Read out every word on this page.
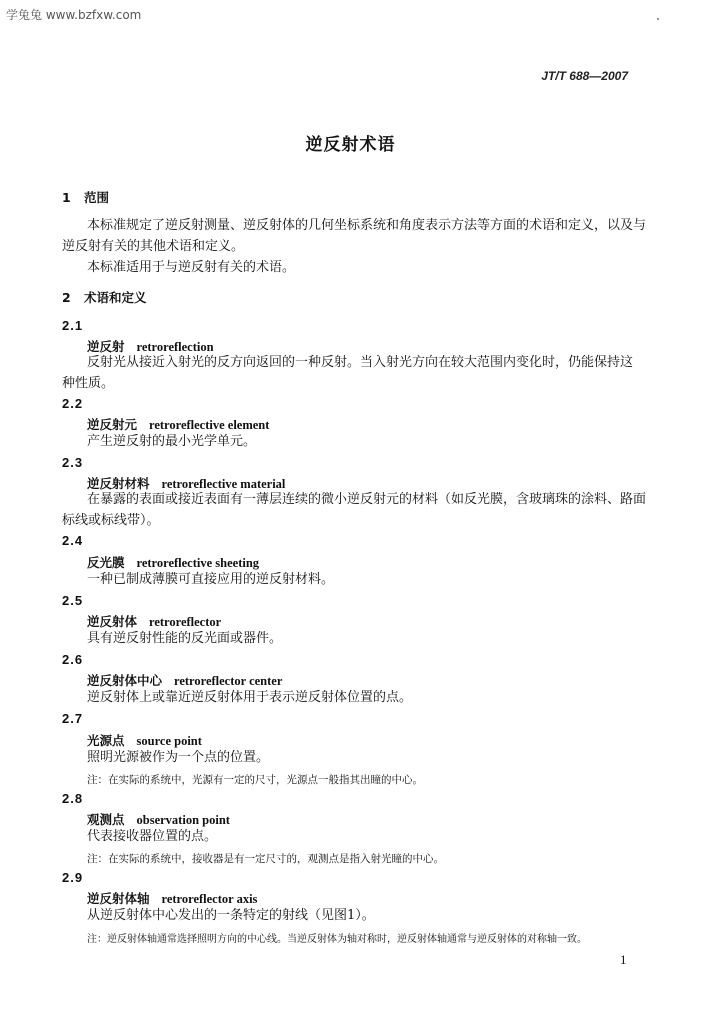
学兔兔 www.bzfxw.com
JT/T 688—2007
逆反射术语
1 范围
本标准规定了逆反射测量、逆反射体的几何坐标系统和角度表示方法等方面的术语和定义，以及与
逆反射有关的其他术语和定义。
本标准适用于与逆反射有关的术语。
2 术语和定义
2.1
逆反射 retroreflection
反射光从接近入射光的反方向返回的一种反射。当入射光方向在较大范围内变化时，仍能保持这
种性质。
2.2
逆反射元 retroreflective element
产生逆反射的最小光学单元。
2.3
逆反射材料 retroreflective material
在暴露的表面或接近表面有一薄层连续的微小逆反射元的材料（如反光膜，含玻璃珠的涂料、路面
标线或标线带）。
2.4
反光膜 retroreflective sheeting
一种已制成薄膜可直接应用的逆反射材料。
2.5
逆反射体 retroreflector
具有逆反射性能的反光面或器件。
2.6
逆反射体中心 retroreflector center
逆反射体上或靠近逆反射体用于表示逆反射体位置的点。
2.7
光源点 source point
照明光源被作为一个点的位置。
注：在实际的系统中，光源有一定的尺寸，光源点一般指其出瞳的中心。
2.8
观测点 observation point
代表接收器位置的点。
注：在实际的系统中，接收器是有一定尺寸的，观测点是指入射光瞳的中心。
2.9
逆反射体轴 retroreflector axis
从逆反射体中心发出的一条特定的射线（见图1）。
注：逆反射体轴通常选择照明方向的中心线。当逆反射体为轴对称时，逆反射体轴通常与逆反射体的对称轴一致。
1
